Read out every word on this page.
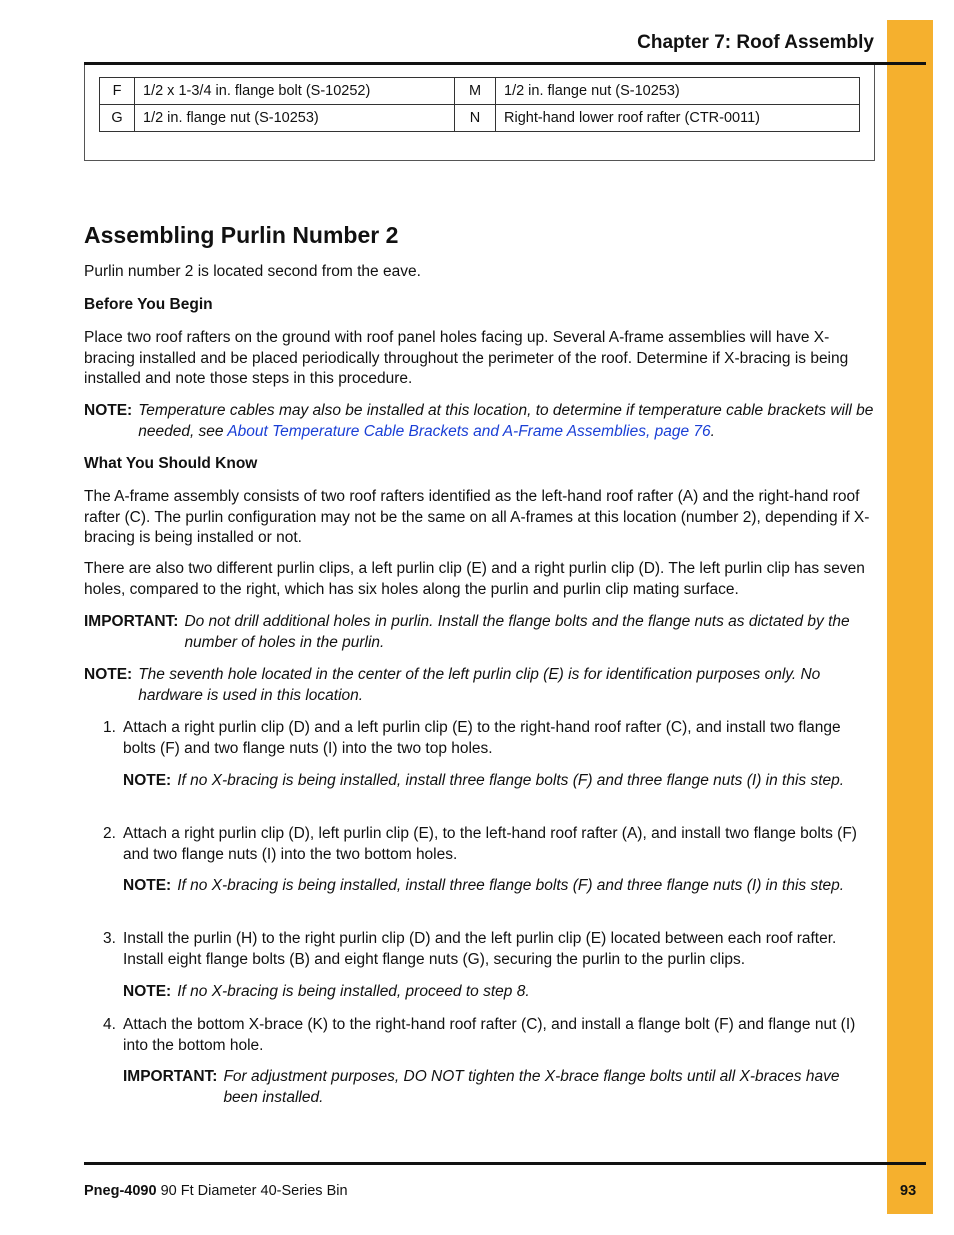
Chapter 7: Roof Assembly
F	1/2 x 1-3/4 in. flange bolt (S-10252)	M	1/2 in. flange nut (S-10253)
G	1/2 in. flange nut (S-10253)	N	Right-hand lower roof rafter (CTR-0011)
Assembling Purlin Number 2

Purlin number 2 is located second from the eave.

Before You Begin

Place two roof rafters on the ground with roof panel holes facing up. Several A-frame assemblies will have X-bracing installed and be placed periodically throughout the perimeter of the roof. Determine if X-bracing is being installed and note those steps in this procedure.

NOTE: Temperature cables may also be installed at this location, to determine if temperature cable brackets will be needed, see About Temperature Cable Brackets and A-Frame Assemblies, page 76.

What You Should Know

The A-frame assembly consists of two roof rafters identified as the left-hand roof rafter (A) and the right-hand roof rafter (C). The purlin configuration may not be the same on all A-frames at this location (number 2), depending if X-bracing is being installed or not.

There are also two different purlin clips, a left purlin clip (E) and a right purlin clip (D). The left purlin clip has seven holes, compared to the right, which has six holes along the purlin and purlin clip mating surface.

IMPORTANT: Do not drill additional holes in purlin. Install the flange bolts and the flange nuts as dictated by the number of holes in the purlin.
NOTE: The seventh hole located in the center of the left purlin clip (E) is for identification purposes only. No hardware is used in this location.
1. Attach a right purlin clip (D) and a left purlin clip (E) to the right-hand roof rafter (C), and install two flange bolts (F) and two flange nuts (I) into the two top holes.
NOTE: If no X-bracing is being installed, install three flange bolts (F) and three flange nuts (I) in this step.
2. Attach a right purlin clip (D), left purlin clip (E), to the left-hand roof rafter (A), and install two flange bolts (F) and two flange nuts (I) into the two bottom holes.
NOTE: If no X-bracing is being installed, install three flange bolts (F) and three flange nuts (I) in this step.
3. Install the purlin (H) to the right purlin clip (D) and the left purlin clip (E) located between each roof rafter. Install eight flange bolts (B) and eight flange nuts (G), securing the purlin to the purlin clips.
NOTE: If no X-bracing is being installed, proceed to step 8.
4. Attach the bottom X-brace (K) to the right-hand roof rafter (C), and install a flange bolt (F) and flange nut (I) into the bottom hole.
IMPORTANT: For adjustment purposes, DO NOT tighten the X-brace flange bolts until all X-braces have been installed.
Pneg-4090 90 Ft Diameter 40-Series Bin	93
